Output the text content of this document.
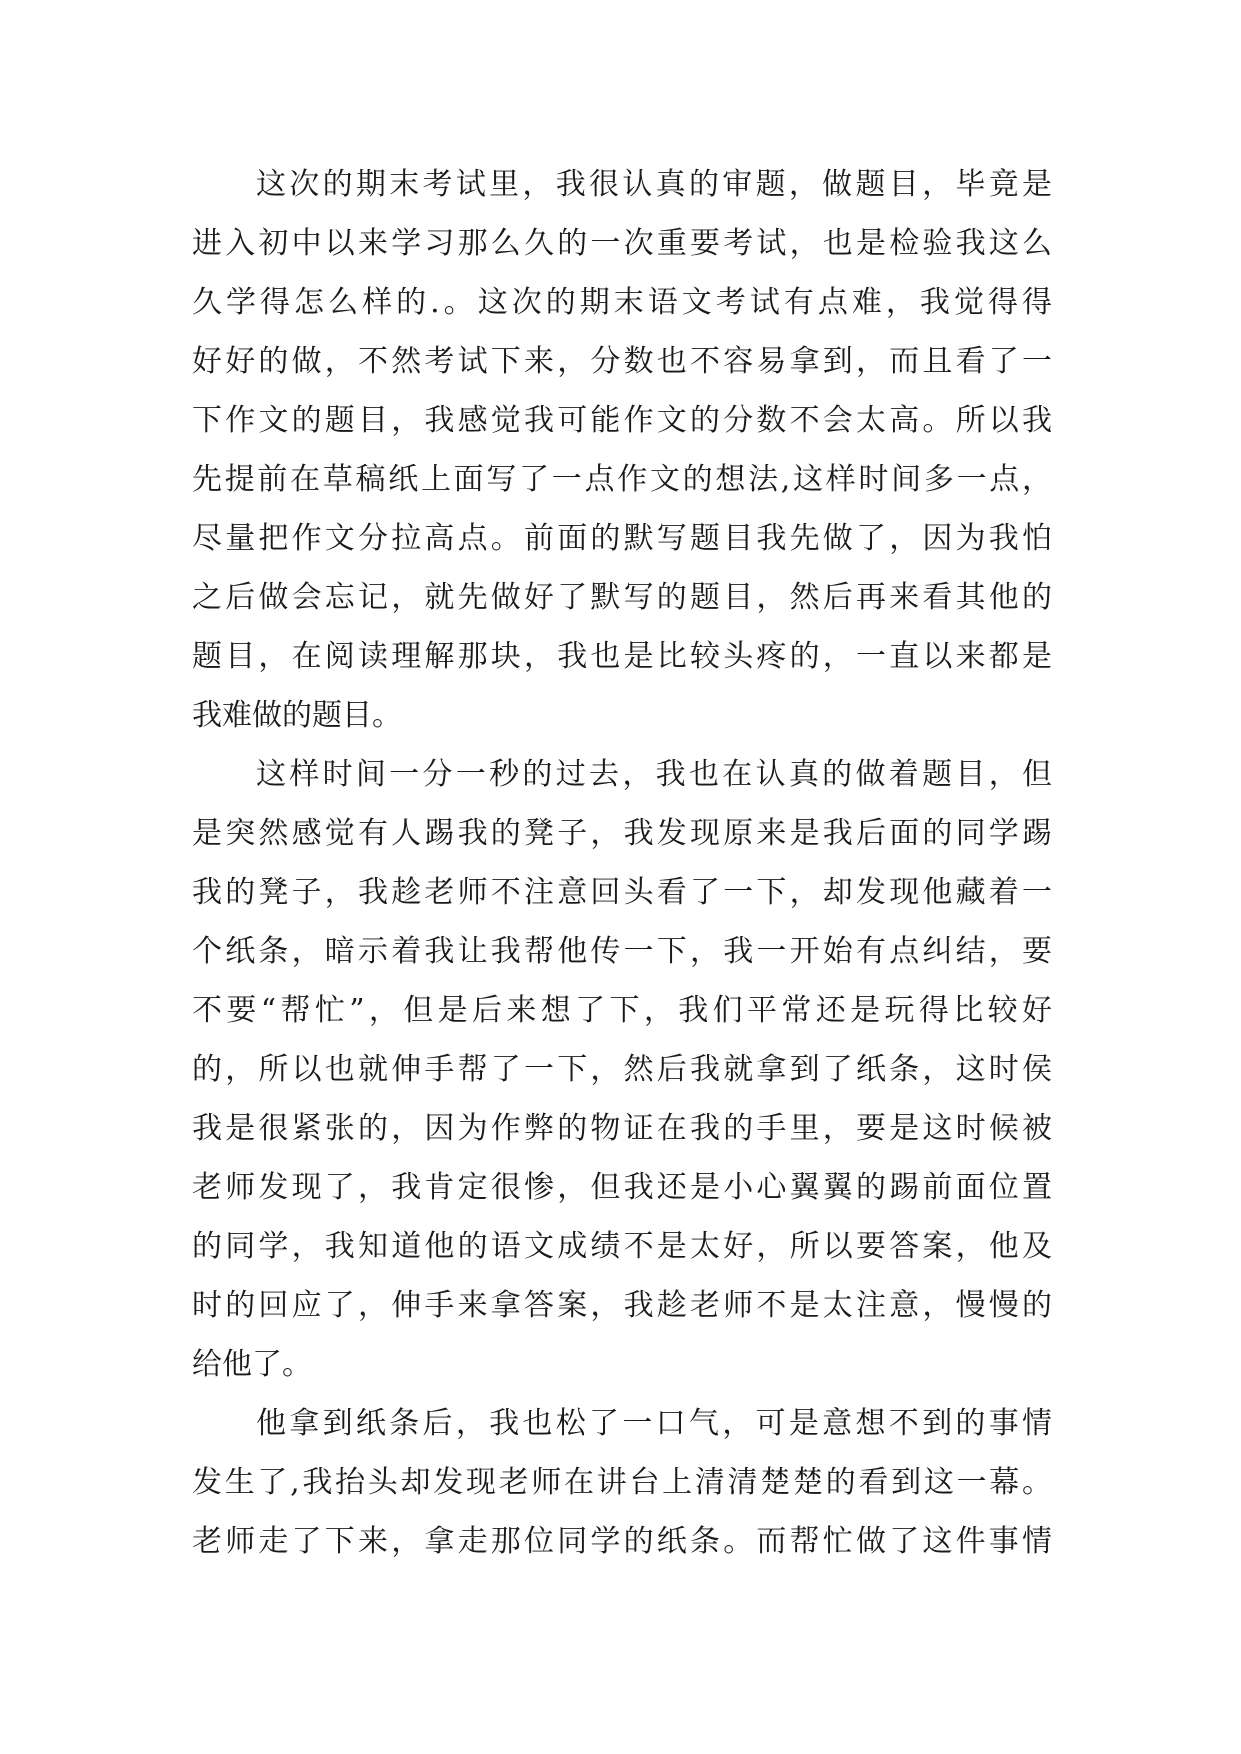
这次的期末考试里，我很认真的审题，做题目，毕竟是
进入初中以来学习那么久的一次重要考试，也是检验我这么
久学得怎么样的.。这次的期末语文考试有点难，我觉得得
好好的做，不然考试下来，分数也不容易拿到，而且看了一
下作文的题目，我感觉我可能作文的分数不会太高。所以我
先提前在草稿纸上面写了一点作文的想法,这样时间多一点，
尽量把作文分拉高点。前面的默写题目我先做了，因为我怕
之后做会忘记，就先做好了默写的题目，然后再来看其他的
题目，在阅读理解那块，我也是比较头疼的，一直以来都是
我难做的题目。
这样时间一分一秒的过去，我也在认真的做着题目，但
是突然感觉有人踢我的凳子，我发现原来是我后面的同学踢
我的凳子，我趁老师不注意回头看了一下，却发现他藏着一
个纸条，暗示着我让我帮他传一下，我一开始有点纠结，要
不要“帮忙”，但是后来想了下，我们平常还是玩得比较好
的，所以也就伸手帮了一下，然后我就拿到了纸条，这时侯
我是很紧张的，因为作弊的物证在我的手里，要是这时候被
老师发现了，我肯定很惨，但我还是小心翼翼的踢前面位置
的同学，我知道他的语文成绩不是太好，所以要答案，他及
时的回应了，伸手来拿答案，我趁老师不是太注意，慢慢的
给他了。
他拿到纸条后，我也松了一口气，可是意想不到的事情
发生了,我抬头却发现老师在讲台上清清楚楚的看到这一幕。
老师走了下来，拿走那位同学的纸条。而帮忙做了这件事情
